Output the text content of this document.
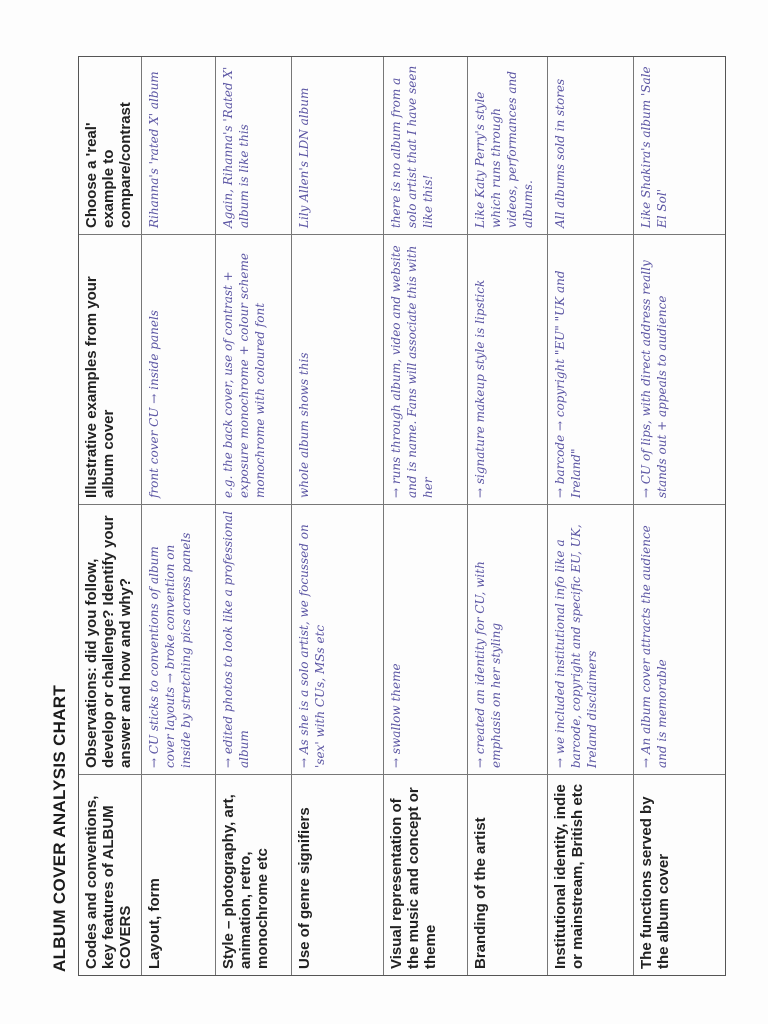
ALBUM COVER ANALYSIS CHART Codes and conventions, key features of ALBUM COVERS
Observations: did you follow, develop or challenge? Identify your answer and how and why?
Illustrative examples from your album cover
Choose a 'real' example to compare/contrast
Layout, form
→ CU sticks to conventions of album cover layouts → broke convention on inside by stretching pics across panels
front cover CU → inside panels
Rihanna's 'rated X' album
Style – photography, art, animation, retro, monochrome etc
→ edited photos to look like a professional album
e.g. the back cover, use of contrast + exposure monochrome + colour scheme monochrome with coloured font
Again, Rihanna's 'Rated X' album is like this
Use of genre signifiers
→ As she is a solo artist, we focussed on 'sex' with CUs, MSs etc
whole album shows this
Lily Allen's LDN album
Visual representation of the music and concept or theme
→ swallow theme
→ runs through album, video and website and is name. Fans will associate this with her
there is no album from a solo artist that I have seen like this!
Branding of the artist
→ created an identity for CU, with emphasis on her styling
→ signature makeup style is lipstick
Like Katy Perry's style which runs through videos, performances and albums.
Institutional identity, indie or mainstream, British etc
→ we included institutional info like a barcode, copyright and specific EU, UK, Ireland disclaimers
→ barcode → copyright "EU" "UK and Ireland"
All albums sold in stores
The functions served by the album cover
→ An album cover attracts the audience and is memorable
→ CU of lips, with direct address really stands out + appeals to audience
Like Shakira's album 'Sale El Sol'
